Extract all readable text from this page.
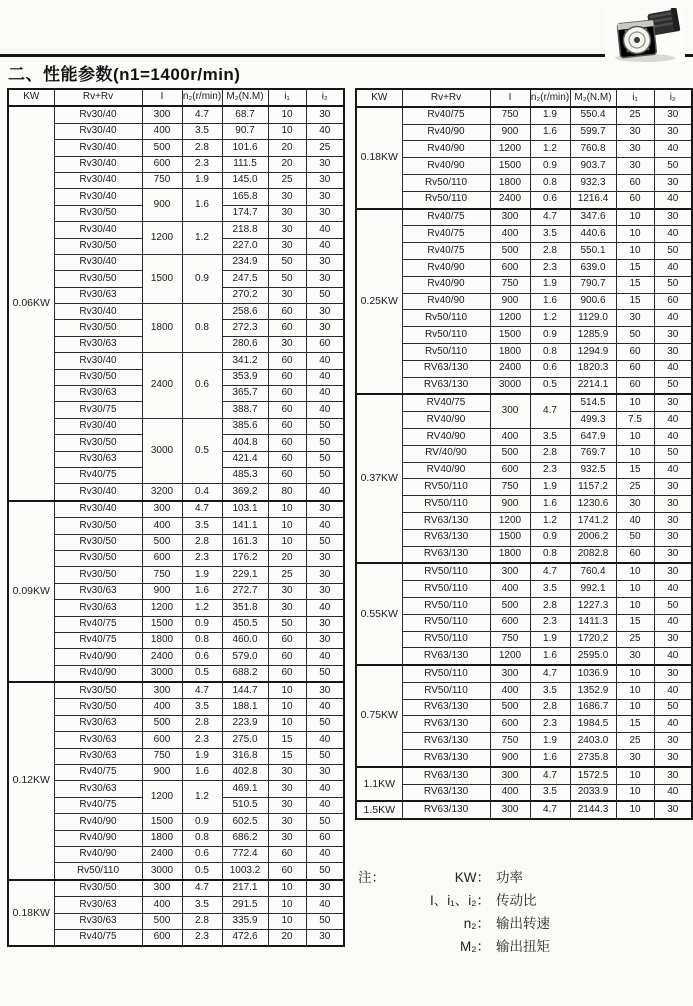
二、性能参数(n1=1400r/min)
KW	Rv+Rv	I	n₂(r/min)	M₂(N.M)	i₁	i₂
0.06KW	Rv30/40	300	4.7	68.7	10	30
	Rv30/40	400	3.5	90.7	10	40
	Rv30/40	500	2.8	101.6	20	25
	Rv30/40	600	2.3	111.5	20	30
	Rv30/40	750	1.9	145.0	25	30
	Rv30/40	900	1.6	165.8	30	30
	Rv30/50			174.7	30	30
	Rv30/40	1200	1.2	218.8	30	40
	Rv30/50			227.0	30	40
	Rv30/40	1500	0.9	234.9	50	30
	Rv30/50			247.5	50	30
	Rv30/63			270.2	30	50
	Rv30/40	1800	0.8	258.6	60	30
	Rv30/50			272.3	60	30
	Rv30/63			280.6	30	60
	Rv30/40	2400	0.6	341.2	60	40
	Rv30/50			353.9	60	40
	Rv30/63			365.7	60	40
	Rv30/75			388.7	60	40
	Rv30/40	3000	0.5	385.6	60	50
	Rv30/50			404.8	60	50
	Rv30/63			421.4	60	50
	Rv40/75			485.3	60	50
	Rv30/40	3200	0.4	369.2	80	40
0.09KW	Rv30/40	300	4.7	103.1	10	30
	Rv30/50	400	3.5	141.1	10	40
	Rv30/50	500	2.8	161.3	10	50
	Rv30/50	600	2.3	176.2	20	30
	Rv30/50	750	1.9	229.1	25	30
	Rv30/63	900	1.6	272.7	30	30
	Rv30/63	1200	1.2	351.8	30	40
	Rv40/75	1500	0.9	450.5	50	30
	Rv40/75	1800	0.8	460.0	60	30
	Rv40/90	2400	0.6	579.0	60	40
	Rv40/90	3000	0.5	688.2	60	50
0.12KW	Rv30/50	300	4.7	144.7	10	30
	Rv30/50	400	3.5	188.1	10	40
	Rv30/63	500	2.8	223.9	10	50
	Rv30/63	600	2.3	275.0	15	40
	Rv30/63	750	1.9	316.8	15	50
	Rv40/75	900	1.6	402.8	30	30
	Rv30/63	1200	1.2	469.1	30	40
	Rv40/75			510.5	30	40
	Rv40/90	1500	0.9	602.5	30	50
	Rv40/90	1800	0.8	686.2	30	60
	Rv40/90	2400	0.6	772.4	60	40
	Rv50/110	3000	0.5	1003.2	60	50
0.18KW	Rv30/50	300	4.7	217.1	10	30
	Rv30/63	400	3.5	291.5	10	40
	Rv30/63	500	2.8	335.9	10	50
	Rv40/75	600	2.3	472.6	20	30
KW	Rv+Rv	I	n₂(r/min)	M₂(N.M)	i₁	i₂
0.18KW	Rv40/75	750	1.9	550.4	25	30
	Rv40/90	900	1.6	599.7	30	30
	Rv40/90	1200	1.2	760.8	30	40
	Rv40/90	1500	0.9	903.7	30	50
	Rv50/110	1800	0.8	932.3	60	30
	Rv50/110	2400	0.6	1216.4	60	40
0.25KW	Rv40/75	300	4.7	347.6	10	30
	Rv40/75	400	3.5	440.6	10	40
	Rv40/75	500	2.8	550.1	10	50
	Rv40/90	600	2.3	639.0	15	40
	Rv40/90	750	1.9	790.7	15	50
	Rv40/90	900	1.6	900.6	15	60
	Rv50/110	1200	1.2	1129.0	30	40
	Rv50/110	1500	0.9	1285.9	50	30
	Rv50/110	1800	0.8	1294.9	60	30
	RV63/130	2400	0.6	1820.3	60	40
	RV63/130	3000	0.5	2214.1	60	50
0.37KW	RV40/75	300	4.7	514.5	10	30
	RV40/90			499.3	7.5	40
	RV40/90	400	3.5	647.9	10	40
	RV/40/90	500	2.8	769.7	10	50
	RV40/90	600	2.3	932.5	15	40
	RV50/110	750	1.9	1157.2	25	30
	RV50/110	900	1.6	1230.6	30	30
	RV63/130	1200	1.2	1741.2	40	30
	RV63/130	1500	0.9	2006.2	50	30
	RV63/130	1800	0.8	2082.8	60	30
0.55KW	RV50/110	300	4.7	760.4	10	30
	RV50/110	400	3.5	992.1	10	40
	RV50/110	500	2.8	1227.3	10	50
	RV50/110	600	2.3	1411.3	15	40
	RV50/110	750	1.9	1720.2	25	30
	RV63/130	1200	1.6	2595.0	30	40
0.75KW	RV50/110	300	4.7	1036.9	10	30
	RV50/110	400	3.5	1352.9	10	40
	RV63/130	500	2.8	1686.7	10	50
	RV63/130	600	2.3	1984.5	15	40
	RV63/130	750	1.9	2403.0	25	30
	RV63/130	900	1.6	2735.8	30	30
1.1KW	RV63/130	300	4.7	1572.5	10	30
	RV63/130	400	3.5	2033.9	10	40
1.5KW	RV63/130	300	4.7	2144.3	10	30
注：	KW： 功率
I、i₁、i₂： 传动比
n₂： 输出转速
M₂： 输出扭矩
